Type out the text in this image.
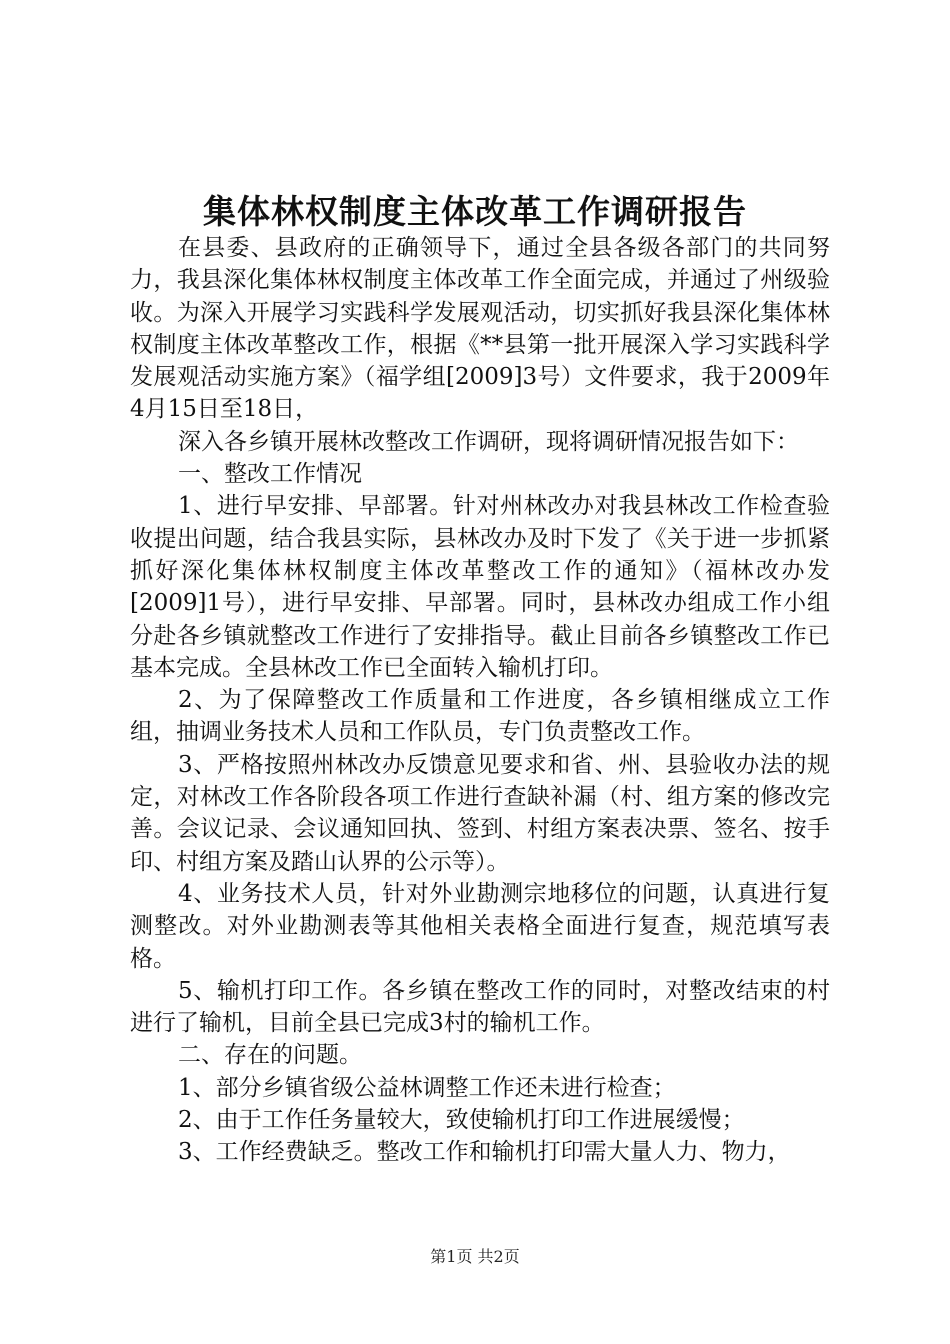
集体林权制度主体改革工作调研报告

在县委、县政府的正确领导下，通过全县各级各部门的共同努力，我县深化集体林权制度主体改革工作全面完成，并通过了州级验收。为深入开展学习实践科学发展观活动，切实抓好我县深化集体林权制度主体改革整改工作，根据《**县第一批开展深入学习实践科学发展观活动实施方案》（福学组[2009]3号）文件要求，我于2009年4月15日至18日，

深入各乡镇开展林改整改工作调研，现将调研情况报告如下：

一、整改工作情况

1、进行早安排、早部署。针对州林改办对我县林改工作检查验收提出问题，结合我县实际，县林改办及时下发了《关于进一步抓紧抓好深化集体林权制度主体改革整改工作的通知》（福林改办发[2009]1号），进行早安排、早部署。同时，县林改办组成工作小组分赴各乡镇就整改工作进行了安排指导。截止目前各乡镇整改工作已基本完成。全县林改工作已全面转入输机打印。

2、为了保障整改工作质量和工作进度，各乡镇相继成立工作组，抽调业务技术人员和工作队员，专门负责整改工作。

3、严格按照州林改办反馈意见要求和省、州、县验收办法的规定，对林改工作各阶段各项工作进行查缺补漏（村、组方案的修改完善。会议记录、会议通知回执、签到、村组方案表决票、签名、按手印、村组方案及踏山认界的公示等）。

4、业务技术人员，针对外业勘测宗地移位的问题，认真进行复测整改。对外业勘测表等其他相关表格全面进行复查，规范填写表格。

5、输机打印工作。各乡镇在整改工作的同时，对整改结束的村进行了输机，目前全县已完成3村的输机工作。

二、存在的问题。

1、部分乡镇省级公益林调整工作还未进行检查；

2、由于工作任务量较大，致使输机打印工作进展缓慢；

3、工作经费缺乏。整改工作和输机打印需大量人力、物力，

第1页 共2页
